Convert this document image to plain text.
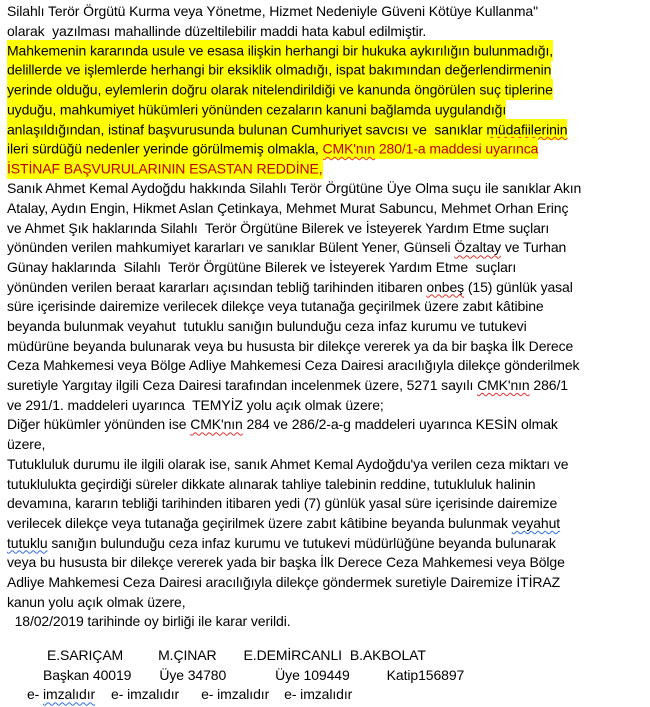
Silahlı Terör Örgütü Kurma veya Yönetme, Hizmet Nedeniyle Güveni Kötüye Kullanma"
olarak  yazılması mahallinde düzeltilebilir maddi hata kabul edilmiştir.
Mahkemenin kararında usule ve esasa ilişkin herhangi bir hukuka aykırılığın bulunmadığı,
delillerde ve işlemlerde herhangi bir eksiklik olmadığı, ispat bakımından değerlendirmenin
yerinde olduğu, eylemlerin doğru olarak nitelendirildiği ve kanunda öngörülen suç tiplerine
uyduğu, mahkumiyet hükümleri yönünden cezaların kanuni bağlamda uygulandığı
anlaşıldığından, istinaf başvurusunda bulunan Cumhuriyet savcısı ve  sanıklar müdafiilerinin
ileri sürdüğü nedenler yerinde görülmemiş olmakla, CMK'nın 280/1-a maddesi uyarınca
İSTİNAF BAŞVURULARININ ESASTAN REDDİNE,
Sanık Ahmet Kemal Aydoğdu hakkında Silahlı Terör Örgütüne Üye Olma suçu ile sanıklar Akın
Atalay, Aydın Engin, Hikmet Aslan Çetinkaya, Mehmet Murat Sabuncu, Mehmet Orhan Erinç
ve Ahmet Şık haklarında Silahlı  Terör Örgütüne Bilerek ve İsteyerek Yardım Etme suçları
yönünden verilen mahkumiyet kararları ve sanıklar Bülent Yener, Günseli Özaltay ve Turhan
Günay haklarında  Silahlı  Terör Örgütüne Bilerek ve İsteyerek Yardım Etme  suçları
yönünden verilen beraat kararları açısından tebliğ tarihinden itibaren onbeş (15) günlük yasal
süre içerisinde dairemize verilecek dilekçe veya tutanağa geçirilmek üzere zabıt kâtibine
beyanda bulunmak veyahut  tutuklu sanığın bulunduğu ceza infaz kurumu ve tutukevi
müdürüne beyanda bulunarak veya bu hususta bir dilekçe vererek ya da bir başka İlk Derece
Ceza Mahkemesi veya Bölge Adliye Mahkemesi Ceza Dairesi aracılığıyla dilekçe gönderilmek
suretiyle Yargıtay ilgili Ceza Dairesi tarafından incelenmek üzere, 5271 sayılı CMK'nın 286/1
ve 291/1. maddeleri uyarınca  TEMYİZ yolu açık olmak üzere;
Diğer hükümler yönünden ise CMK'nın 284 ve 286/2-a-g maddeleri uyarınca KESİN olmak
üzere,
Tutukluluk durumu ile ilgili olarak ise, sanık Ahmet Kemal Aydoğdu'ya verilen ceza miktarı ve
tutuklulukta geçirdiği süreler dikkate alınarak tahliye talebinin reddine, tutukluluk halinin
devamına, kararın tebliği tarihinden itibaren yedi (7) günlük yasal süre içerisinde dairemize
verilecek dilekçe veya tutanağa geçirilmek üzere zabıt kâtibine beyanda bulunmak veyahut
tutuklu sanığın bulunduğu ceza infaz kurumu ve tutukevi müdürlüğüne beyanda bulunarak
veya bu hususta bir dilekçe vererek yada bir başka İlk Derece Ceza Mahkemesi veya Bölge
Adliye Mahkemesi Ceza Dairesi aracılığıyla dilekçe göndermek suretiyle Dairemize İTİRAZ
kanun yolu açık olmak üzere,
18/02/2019 tarihinde oy birliği ile karar verildi.
E.SARIÇAM	M.ÇINAR E.DEMİRCANLI B.AKBOLAT
Başkan 40019 Üye 34780	Üye 109449	Katip156897
e- imzalıdır e- imzalıdır e- imzalıdır e- imzalıdır
